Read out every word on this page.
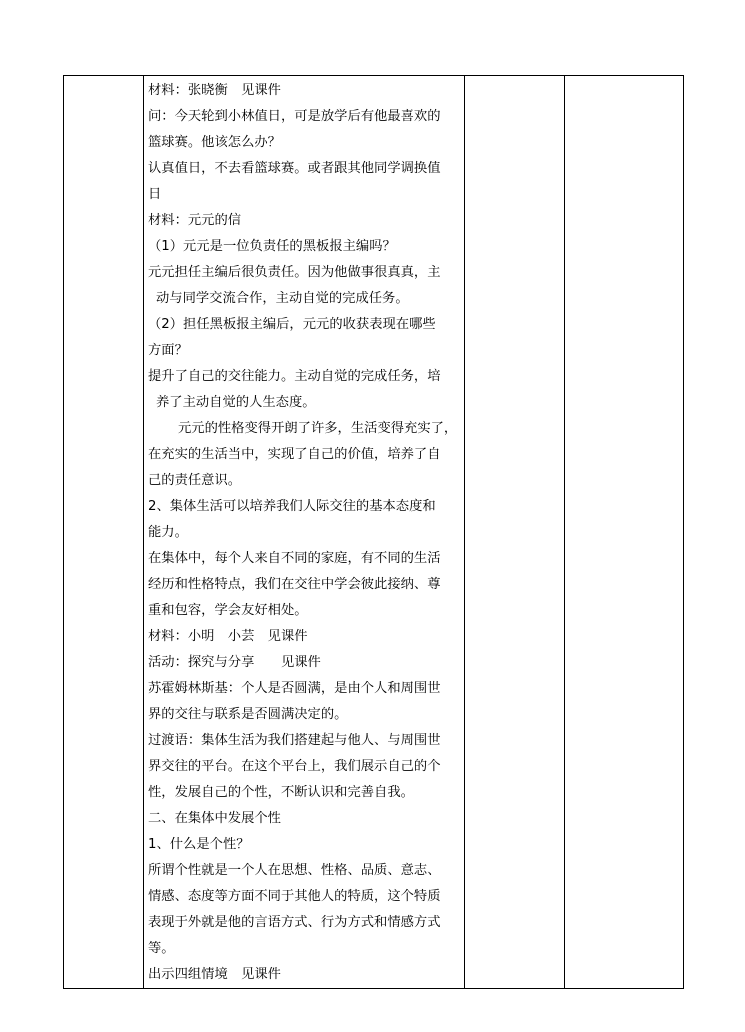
材料：张晓衡　见课件
问：今天轮到小林值日，可是放学后有他最喜欢的
篮球赛。他该怎么办？
认真值日，不去看篮球赛。或者跟其他同学调换值
日
材料：元元的信
（1）元元是一位负责任的黑板报主编吗？
元元担任主编后很负责任。因为他做事很真真，主
动与同学交流合作，主动自觉的完成任务。
（2）担任黑板报主编后，元元的收获表现在哪些
方面？
提升了自己的交往能力。主动自觉的完成任务，培
养了主动自觉的人生态度。
元元的性格变得开朗了许多，生活变得充实了，
在充实的生活当中，实现了自己的价值，培养了自
己的责任意识。
2、集体生活可以培养我们人际交往的基本态度和
能力。
在集体中，每个人来自不同的家庭，有不同的生活
经历和性格特点，我们在交往中学会彼此接纳、尊
重和包容，学会友好相处。
材料：小明　小芸　见课件
活动：探究与分享　　见课件
苏霍姆林斯基：个人是否圆满，是由个人和周围世
界的交往与联系是否圆满决定的。
过渡语：集体生活为我们搭建起与他人、与周围世
界交往的平台。在这个平台上，我们展示自己的个
性，发展自己的个性，不断认识和完善自我。
二、在集体中发展个性
1、什么是个性？
所谓个性就是一个人在思想、性格、品质、意志、
情感、态度等方面不同于其他人的特质，这个特质
表现于外就是他的言语方式、行为方式和情感方式
等。
出示四组情境　见课件
